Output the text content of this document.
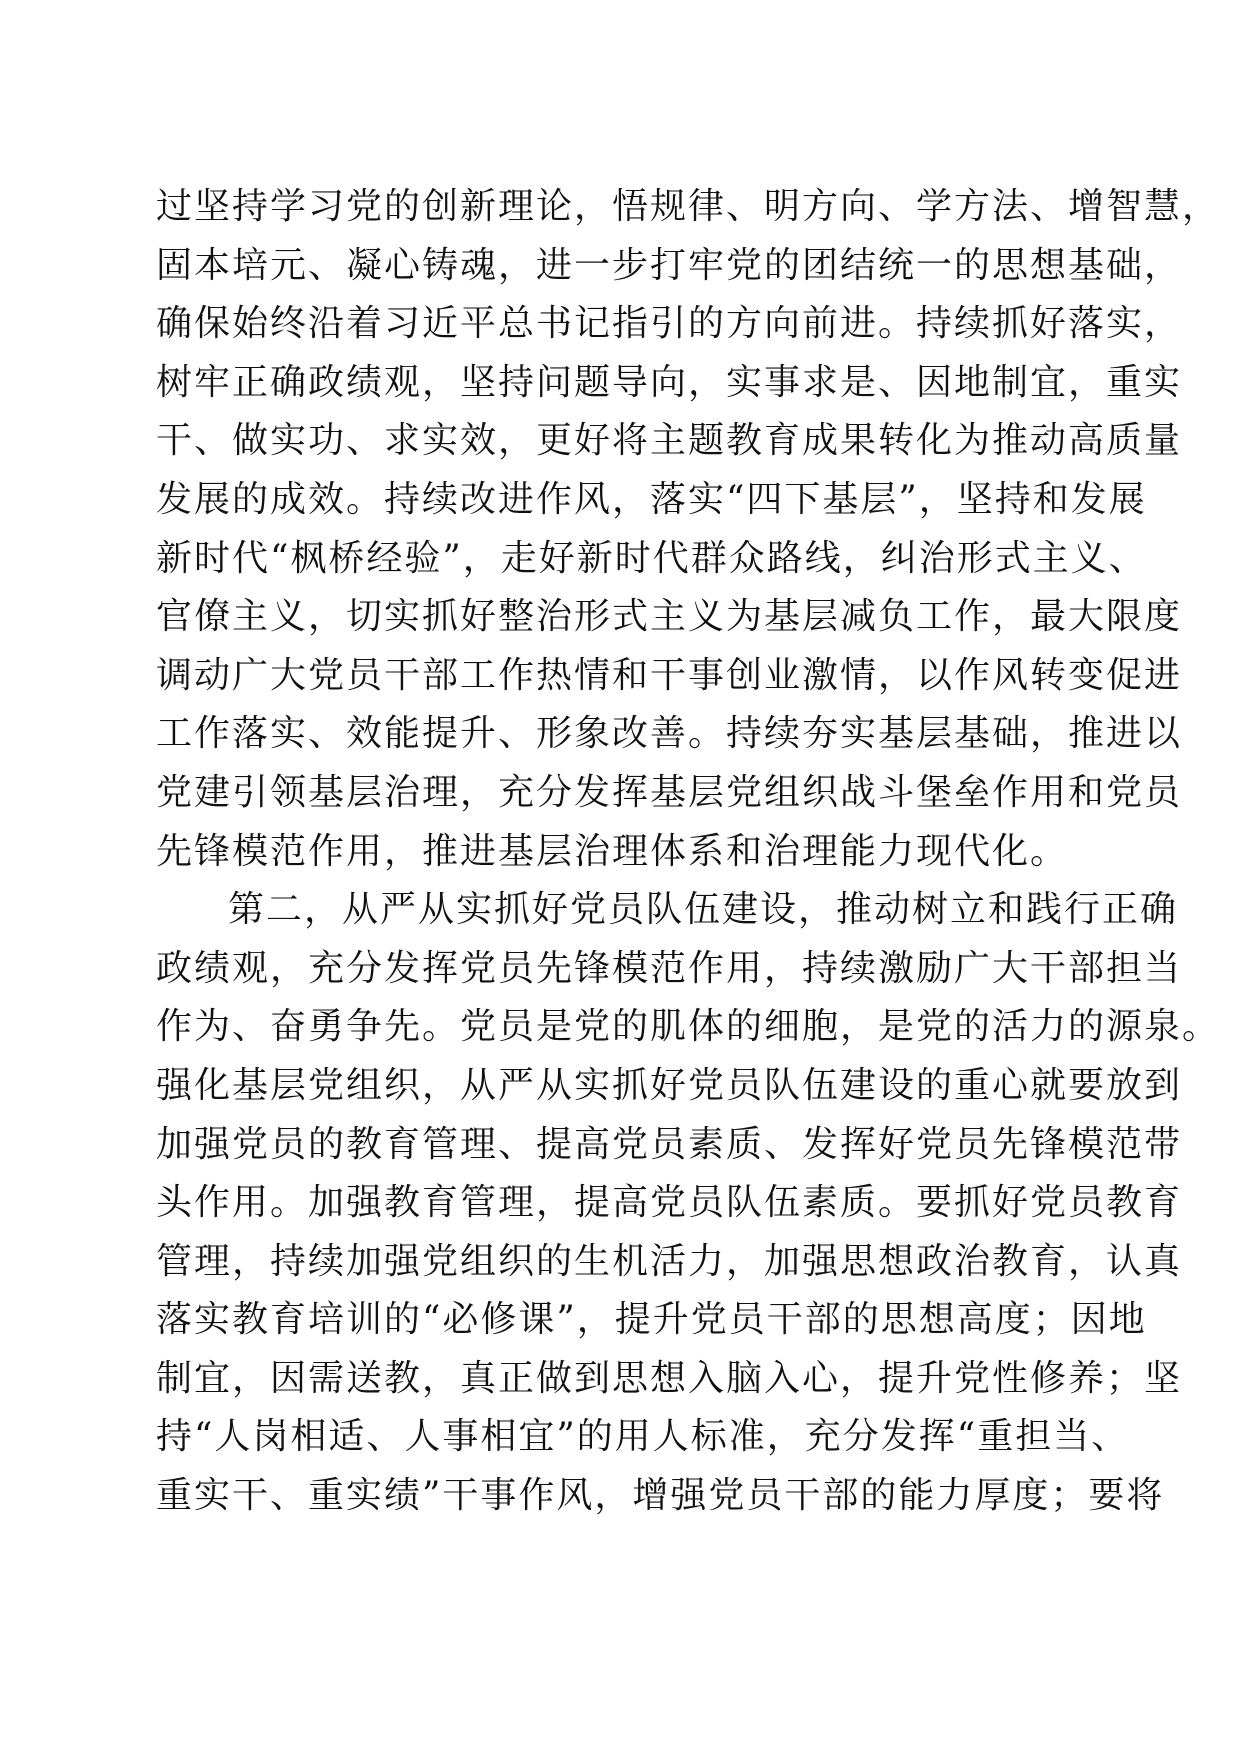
过坚持学习党的创新理论，悟规律、明方向、学方法、增智慧，
固本培元、凝心铸魂，进一步打牢党的团结统一的思想基础，
确保始终沿着习近平总书记指引的方向前进。持续抓好落实，
树牢正确政绩观，坚持问题导向，实事求是、因地制宜，重实
干、做实功、求实效，更好将主题教育成果转化为推动高质量
发展的成效。持续改进作风，落实“四下基层”，坚持和发展
新时代“枫桥经验”，走好新时代群众路线，纠治形式主义、
官僚主义，切实抓好整治形式主义为基层减负工作，最大限度
调动广大党员干部工作热情和干事创业激情，以作风转变促进
工作落实、效能提升、形象改善。持续夯实基层基础，推进以
党建引领基层治理，充分发挥基层党组织战斗堡垒作用和党员
先锋模范作用，推进基层治理体系和治理能力现代化。
第二，从严从实抓好党员队伍建设，推动树立和践行正确
政绩观，充分发挥党员先锋模范作用，持续激励广大干部担当
作为、奋勇争先。党员是党的肌体的细胞，是党的活力的源泉。
强化基层党组织，从严从实抓好党员队伍建设的重心就要放到
加强党员的教育管理、提高党员素质、发挥好党员先锋模范带
头作用。加强教育管理，提高党员队伍素质。要抓好党员教育
管理，持续加强党组织的生机活力，加强思想政治教育，认真
落实教育培训的“必修课”，提升党员干部的思想高度；因地
制宜，因需送教，真正做到思想入脑入心，提升党性修养；坚
持“人岗相适、人事相宜”的用人标准，充分发挥“重担当、
重实干、重实绩”干事作风，增强党员干部的能力厚度；要将
